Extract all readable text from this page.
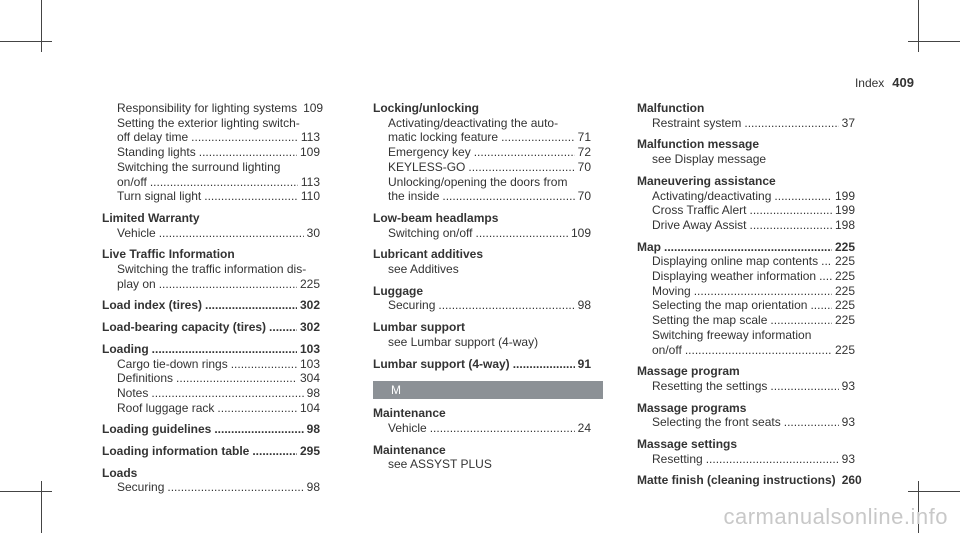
Index 409
Responsibility for lighting systems 109
Setting the exterior lighting switch-
off delay time .....	113
Standing lights .....	109
Switching the surround lighting
on/off .....	113
Turn signal light .....	110
Limited Warranty
Vehicle .....	30
Live Traffic Information
Switching the traffic information dis-
play on .....	225
Load index (tires) .....	302
Load-bearing capacity (tires) .....	302
Loading .....	103
Cargo tie-down rings .....	103
Definitions .....	304
Notes .....	98
Roof luggage rack .....	104
Loading guidelines .....	98
Loading information table .....	295
Loads
Securing .....	98
Locking/unlocking
Activating/deactivating the auto-
matic locking feature .....	71
Emergency key .....	72
KEYLESS-GO .....	70
Unlocking/opening the doors from
the inside .....	70
Low-beam headlamps
Switching on/off .....	109
Lubricant additives
see Additives
Luggage
Securing .....	98
Lumbar support
see Lumbar support (4-way)
Lumbar support (4-way) .....	91
M
Maintenance
Vehicle .....	24
Maintenance
see ASSYST PLUS
Malfunction
Restraint system .....	37
Malfunction message
see Display message
Maneuvering assistance
Activating/deactivating .....	199
Cross Traffic Alert .....	199
Drive Away Assist .....	198
Map .....	225
Displaying online map contents ..... 225
Displaying weather information ..... 225
Moving .....	225
Selecting the map orientation ..... 225
Setting the map scale .....	225
Switching freeway information
on/off .....	225
Massage program
Resetting the settings .....	93
Massage programs
Selecting the front seats .....	93
Massage settings
Resetting .....	93
Matte finish (cleaning instructions) 260
carmanualsonline.info
